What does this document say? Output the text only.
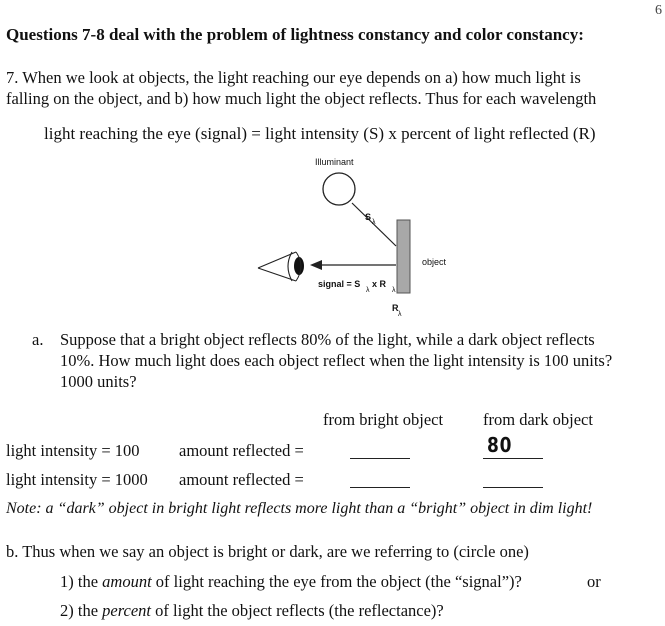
6
Questions 7-8 deal with the problem of lightness constancy and color constancy:
7. When we look at objects, the light reaching our eye depends on a) how much light is
falling on the object, and b) how much light the object reflects. Thus for each wavelength
light reaching the eye (signal) = light intensity (S) x percent of light reflected (R)
Illuminant
S
λ
object
signal = S
λ
x R
λ
R
λ
a. Suppose that a bright object reflects 80% of the light, while a dark object reflects
10%. How much light does each object reflect when the light intensity is 100 units?
1000 units?
from bright object from dark object
light intensity = 100 amount reflected =	80
light intensity = 1000 amount reflected =
Note: a “dark” object in bright light reflects more light than a “bright” object in dim light!
b. Thus when we say an object is bright or dark, are we referring to (circle one)
1) the amount of light reaching the eye from the object (the “signal”)?	or
2) the percent of light the object reflects (the reflectance)?
